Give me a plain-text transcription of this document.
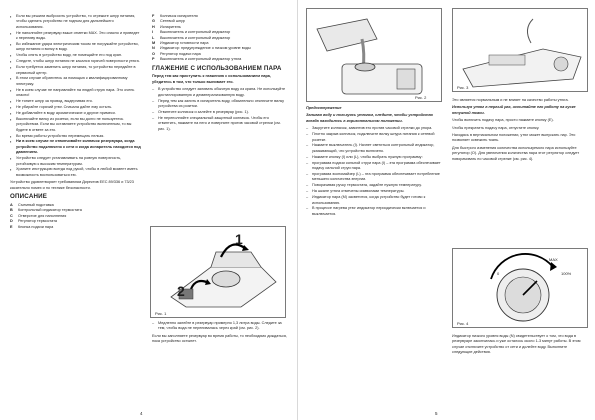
▪ Если вы решили выбросить устройство, то отрежьте шнур питания, чтобы сделать устройство не годным для дальнейшего использования.
▪ Не наполняйте резервуар выше отметки MAX. Это опасно и приведет к переливу воды.
▪ Во избежание удара электрическим током не погружайте устройство, шнур питания и вилку в воду.
▪ Чтобы снять в устройство воду, не помещайте его под кран.
▪ Следите, чтобы шнур питания не касался горячей поверхности утюга.
▪ Если требуется заменить шнур питания, то устройство передайте в сервисный центр.
▪ В этом случае обратитесь за помощью к квалифицированному электрику.
▪ Не в коем случае не направляйте на людей струю пара. Это очень опасно!
▪ Не тяните шнур за провод, выдергивая его.
▪ Не убирайте горячий утюг. Сначала дайте ему остыть.
▪ Не добавляйте в воду ароматические и другие примеси.
▪ Выключайте вилку из розетки, если вы долго не пользуетесь устройством. Если вы оставляете устройство включенным, то вы будете в ответе за это.
▪ Во время работы устройство перемещать нельзя.
▪ Ни в коем случае не отвинчивайте колпачок резервуара, когда устройство подключено к сети и когда испаритель находится под давлением.
▪ Устройство следует устанавливать на ровную поверхность, устойчивую к высоким температурам.
▪ Храните инструкцию всегда под рукой, чтобы в любой момент иметь возможность воспользоваться ею.
Устройство удовлетворяет требованиям Директив ЕЕС 89/336 и 73/23 касательно помех и по технике безопасности.
ОПИСАНИЕ
A Съемный подставка
B Контрольный индикатор термостата
C Отверстие для наполнения
D Регулятор термостата
E Кнопка подачи пара
F Колпачок испарителя
G Сетевой шнур
H Испаритель
I Выключатель и контрольный индикатор
L Выключатель и контрольный индикатор
M Индикатор готовности пара
N Индикатор: предупреждение о низком уровне воды
O Регулятор подачи пара
P Выключатель и контрольный индикатор утюга
ГЛАЖЕНИЕ С ИСПОЛЬЗОВАНИЕМ ПАРА
Перед тем как приступить к глажению с использованием пара, убедитесь в том, что только вынимает его.
– В устройство следует заливать обычную воду из крана. Не используйте дистиллированную и деминерализованную воду.
– Перед тем как залить в испаритель воду, обязательно отключите вилку устройства из розетки.
– Отвинтите колпачок и залейте в резервуар (рис. 1).
– Не переполняйте специальный защитный колпачок. Чтобы его отвинтить, нажмите на него и поверните против часовой стрелки (см. рис. 1).
1
2
Рис. 1
– Медленно залейте в резервуар примерно 1,3 литра воды. Следите за тем, чтобы вода не переливалась через край (см. рис. 2).
Если вы заполняете резервуар во время работы, то необходимо дождаться, пока устройство остынет.
4
Рис. 2
Предостережение
Заливая воду и пользуясь утюгом, следите, чтобы устройство всегда находилось в горизонтальном положении.
– Закрутите колпачок, завинтив его против часовой стрелки до упора.
– Плотно закрыв колпачок, подключите вилку шнура питания к сетевой розетке.
– Нажмите выключатель (I). Начнет светиться контрольный индикатор, указывающий, что устройство включено.
– Нажмите кнопку (I) или (L), чтобы выбрать нужную программу:
– программа подачи сильной струи пара (I) – эта программа обеспечивает подачу сильной струи пара.
– программа экономайзер (L) – эта программа обеспечивает потребление меньшего количества энергии.
– Поворачивая ручку термостата, задайте нужную температуру.
– На шкале утюга отмечены символами температуры.
– Индикатор пара (M) засветится, когда устройство будет готово к использованию.
– В процессе нагрева утюг индикатор периодически включается и выключается.
Рис. 3
Это является нормальным и не влияет на качество работы утюга.
Используя утюг в первый раз, испытайте его работу на куске ненужной ткани.
Чтобы включить подачу пара, просто нажмите кнопку (E).
Чтобы прекратить подачу пара, отпустите кнопку.
Находясь в вертикальном положении, утюг может выпускать пар. Это позволяет освежить ткань.
Для быстрого изменения количества используемого пара используйте регулятор (O). Для увеличения количества пара этот регулятор следует поворачивать по часовой стрелке (см. рис. 4).
MAX
100%
0
Рис. 4
Индикатор низкого уровня воды (N) свидетельствует о том, что вода в резервуаре закончилась и уже осталось около 1-3 минут работы. В этом случае отключите устройство от сети и долейте воду. Выполните следующие действия.
5
